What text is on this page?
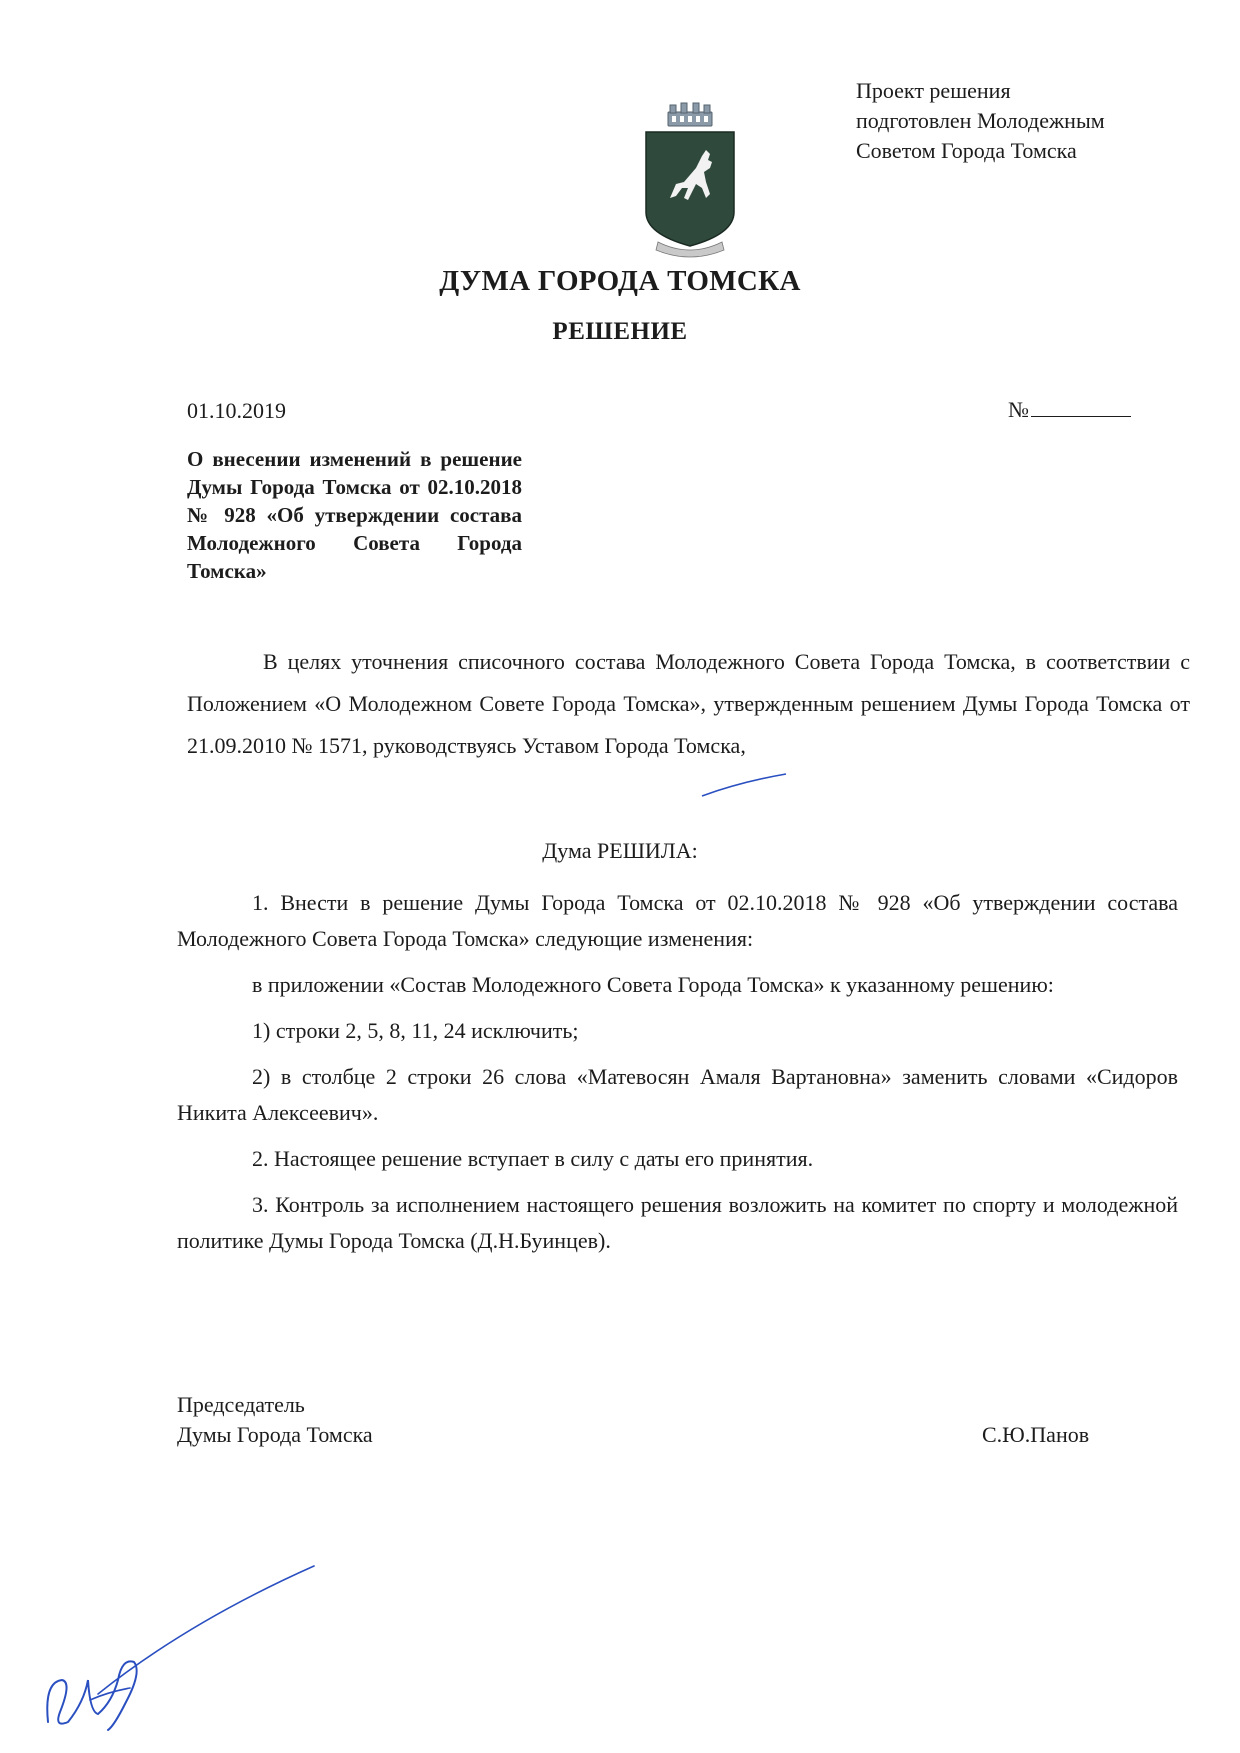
Проект решения
подготовлен Молодежным
Советом Города Томска
ДУМА ГОРОДА ТОМСКА
РЕШЕНИЕ
01.10.2019	№
О внесении изменений в решение Думы Города Томска от 02.10.2018 № 928 «Об утверждении состава Молодежного Совета Города Томска»

В целях уточнения списочного состава Молодежного Совета Города Томска, в соответствии с Положением «О Молодежном Совете Города Томска», утвержденным решением Думы Города Томска от 21.09.2010 № 1571, руководствуясь Уставом Города Томска,

Дума РЕШИЛА:

1. Внести в решение Думы Города Томска от 02.10.2018 № 928 «Об утверждении состава Молодежного Совета Города Томска» следующие изменения:

в приложении «Состав Молодежного Совета Города Томска» к указанному решению:

1) строки 2, 5, 8, 11, 24 исключить;

2) в столбце 2 строки 26 слова «Матевосян Амаля Вартановна» заменить словами «Сидоров Никита Алексеевич».

2. Настоящее решение вступает в силу с даты его принятия.

3. Контроль за исполнением настоящего решения возложить на комитет по спорту и молодежной политике Думы Города Томска (Д.Н.Буинцев).

Председатель
Думы Города Томска	С.Ю.Панов
